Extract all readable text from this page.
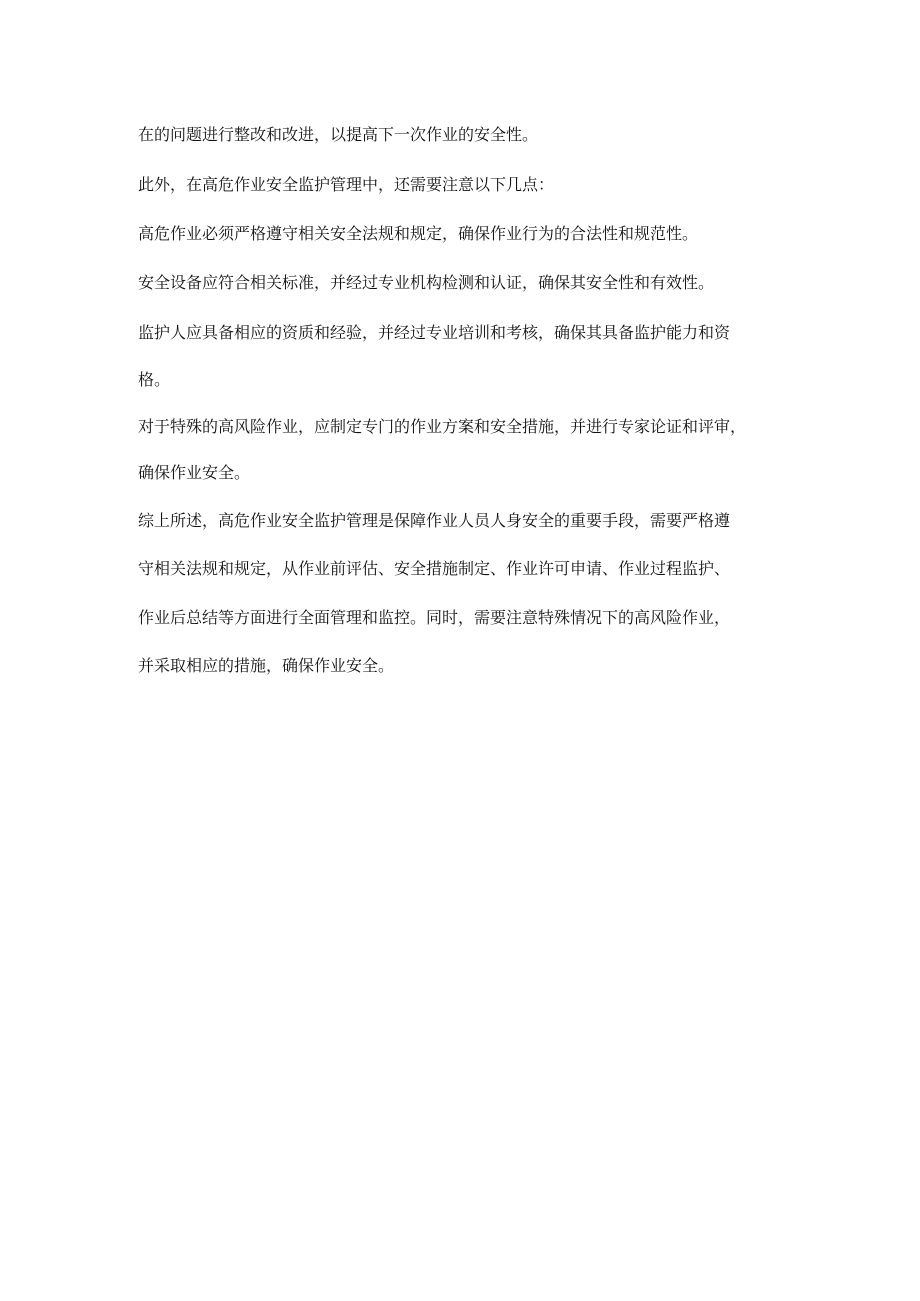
在的问题进行整改和改进，以提高下一次作业的安全性。

此外，在高危作业安全监护管理中，还需要注意以下几点：

高危作业必须严格遵守相关安全法规和规定，确保作业行为的合法性和规范性。

安全设备应符合相关标准，并经过专业机构检测和认证，确保其安全性和有效性。

监护人应具备相应的资质和经验，并经过专业培训和考核，确保其具备监护能力和资

格。

对于特殊的高风险作业，应制定专门的作业方案和安全措施，并进行专家论证和评审，

确保作业安全。

综上所述，高危作业安全监护管理是保障作业人员人身安全的重要手段，需要严格遵

守相关法规和规定，从作业前评估、安全措施制定、作业许可申请、作业过程监护、

作业后总结等方面进行全面管理和监控。同时，需要注意特殊情况下的高风险作业，

并采取相应的措施，确保作业安全。
